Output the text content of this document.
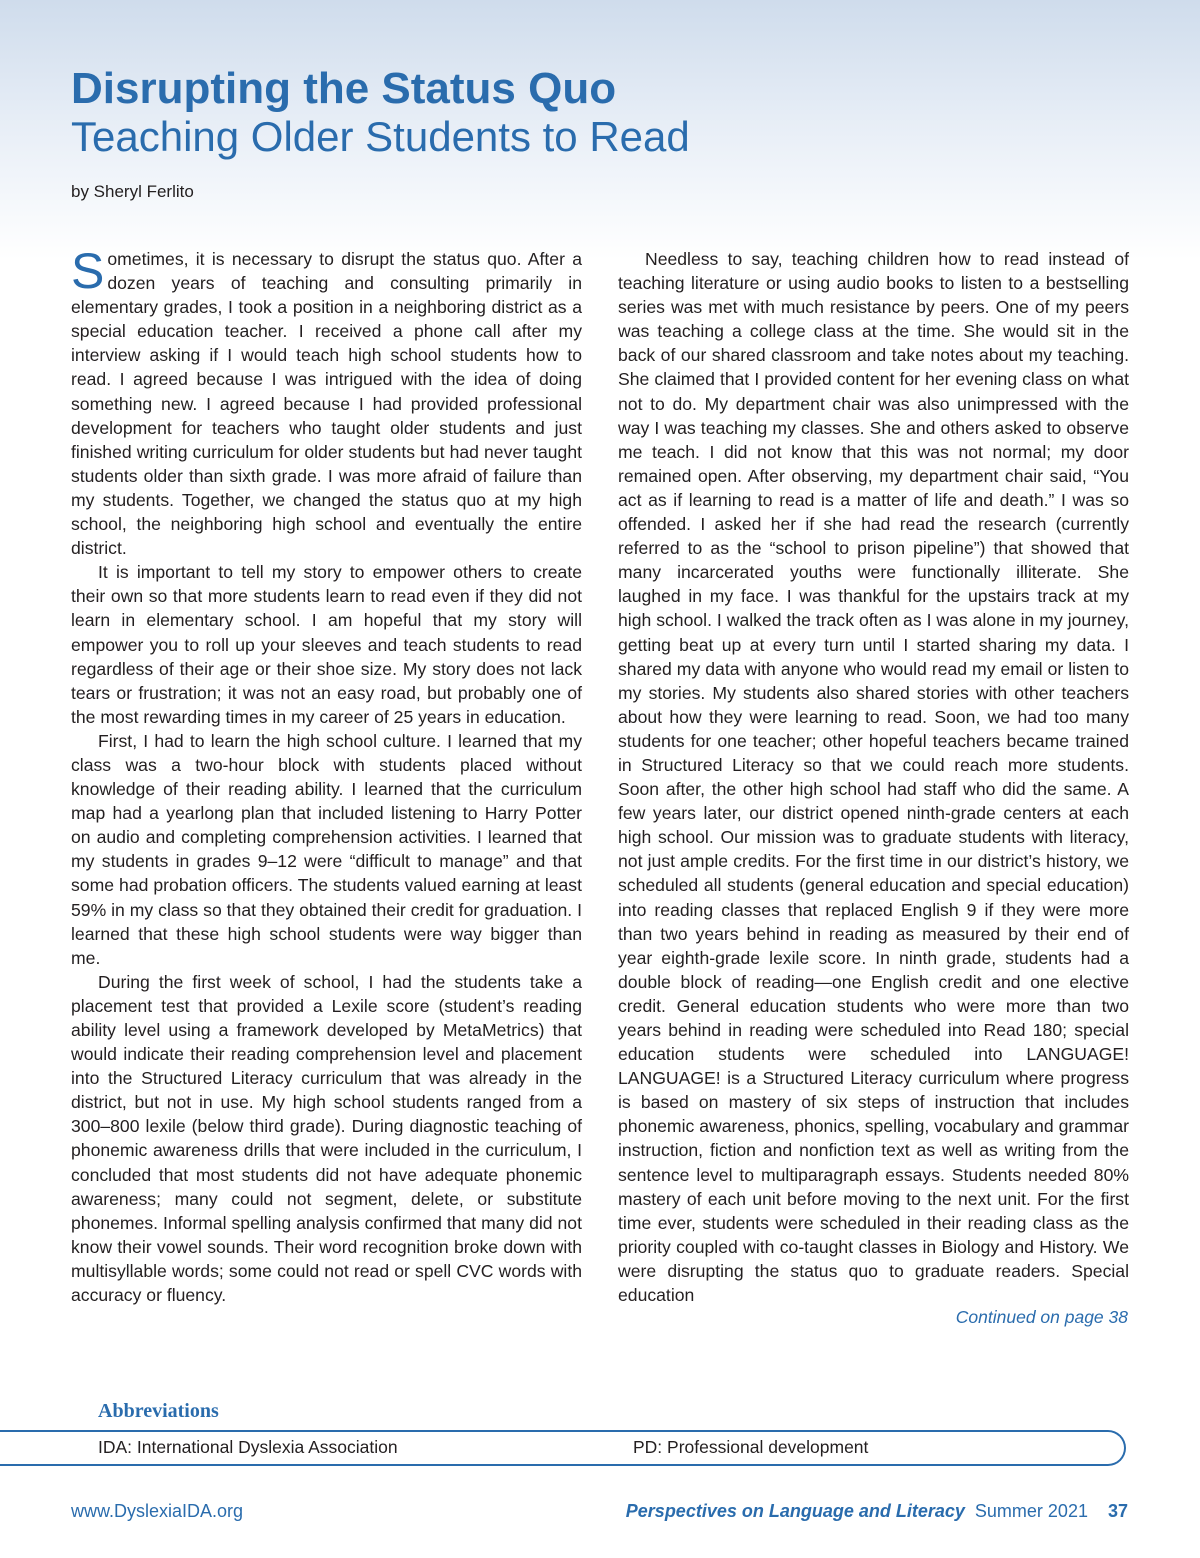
Disrupting the Status Quo
Teaching Older Students to Read
by Sheryl Ferlito

Sometimes, it is necessary to disrupt the status quo. After a dozen years of teaching and consulting primarily in elementary grades, I took a position in a neighboring district as a special education teacher. I received a phone call after my interview asking if I would teach high school students how to read. I agreed because I was intrigued with the idea of doing something new. I agreed because I had provided professional development for teachers who taught older students and just finished writing curriculum for older students but had never taught students older than sixth grade. I was more afraid of failure than my students. Together, we changed the status quo at my high school, the neighboring high school and eventually the entire district.

It is important to tell my story to empower others to create their own so that more students learn to read even if they did not learn in elementary school. I am hopeful that my story will empower you to roll up your sleeves and teach students to read regardless of their age or their shoe size. My story does not lack tears or frustration; it was not an easy road, but probably one of the most rewarding times in my career of 25 years in education.

First, I had to learn the high school culture. I learned that my class was a two-hour block with students placed without knowledge of their reading ability. I learned that the curriculum map had a yearlong plan that included listening to Harry Potter on audio and completing comprehension activities. I learned that my students in grades 9–12 were “difficult to manage” and that some had probation officers. The students valued earning at least 59% in my class so that they obtained their credit for graduation. I learned that these high school students were way bigger than me.

During the first week of school, I had the students take a placement test that provided a Lexile score (student’s reading ability level using a framework developed by MetaMetrics) that would indicate their reading comprehension level and placement into the Structured Literacy curriculum that was already in the district, but not in use. My high school students ranged from a 300–800 lexile (below third grade). During diagnostic teaching of phonemic awareness drills that were included in the curriculum, I concluded that most students did not have adequate phonemic awareness; many could not segment, delete, or substitute phonemes. Informal spelling analysis confirmed that many did not know their vowel sounds. Their word recognition broke down with multisyllable words; some could not read or spell CVC words with accuracy or fluency.

Needless to say, teaching children how to read instead of teaching literature or using audio books to listen to a bestselling series was met with much resistance by peers. One of my peers was teaching a college class at the time. She would sit in the back of our shared classroom and take notes about my teaching. She claimed that I provided content for her evening class on what not to do. My department chair was also unimpressed with the way I was teaching my classes. She and others asked to observe me teach. I did not know that this was not normal; my door remained open. After observing, my department chair said, “You act as if learning to read is a matter of life and death.” I was so offended. I asked her if she had read the research (currently referred to as the “school to prison pipeline”) that showed that many incarcerated youths were functionally illiterate. She laughed in my face. I was thankful for the upstairs track at my high school. I walked the track often as I was alone in my journey, getting beat up at every turn until I started sharing my data. I shared my data with anyone who would read my email or listen to my stories. My students also shared stories with other teachers about how they were learning to read. Soon, we had too many students for one teacher; other hopeful teachers became trained in Structured Literacy so that we could reach more students. Soon after, the other high school had staff who did the same. A few years later, our district opened ninth-grade centers at each high school. Our mission was to graduate students with literacy, not just ample credits. For the first time in our district’s history, we scheduled all students (general education and special education) into reading classes that replaced English 9 if they were more than two years behind in reading as measured by their end of year eighth-grade lexile score. In ninth grade, students had a double block of reading—one English credit and one elective credit. General education students who were more than two years behind in reading were scheduled into Read 180; special education students were scheduled into LANGUAGE! LANGUAGE! is a Structured Literacy curriculum where progress is based on mastery of six steps of instruction that includes phonemic awareness, phonics, spelling, vocabulary and grammar instruction, fiction and nonfiction text as well as writing from the sentence level to multiparagraph essays. Students needed 80% mastery of each unit before moving to the next unit. For the first time ever, students were scheduled in their reading class as the priority coupled with co-taught classes in Biology and History. We were disrupting the status quo to graduate readers. Special education

Continued on page 38
Abbreviations
IDA: International Dyslexia Association	PD: Professional development
www.DyslexiaIDA.org	Perspectives on Language and Literacy Summer 2021 37
